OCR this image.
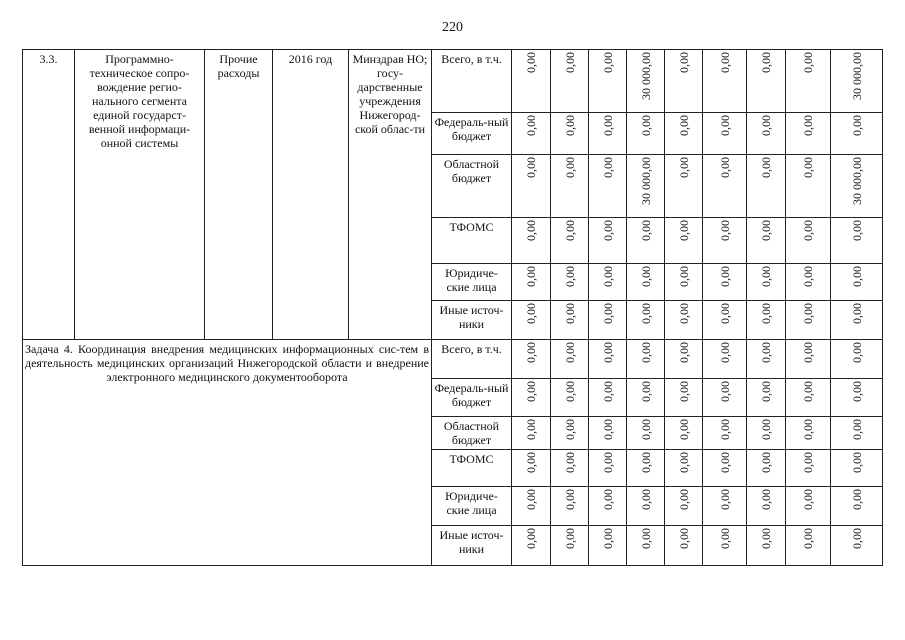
220
3.3.	Программно-техническое сопро-вождение регио-нального сегмента единой государст-венной информаци-онной системы	Прочие расходы	2016 год	Минздрав НО; госу-дарственные учреждения Нижегород-ской облас-ти	Всего, в т.ч.	0,00	0,00	0,00	30 000,00	0,00	0,00	0,00	0,00	30 000,00
					Федераль-ный бюджет	0,00	0,00	0,00	0,00	0,00	0,00	0,00	0,00	0,00
					Областной бюджет	0,00	0,00	0,00	30 000,00	0,00	0,00	0,00	0,00	30 000,00
					ТФОМС	0,00	0,00	0,00	0,00	0,00	0,00	0,00	0,00	0,00
					Юридиче-ские лица	0,00	0,00	0,00	0,00	0,00	0,00	0,00	0,00	0,00
					Иные источ-ники	0,00	0,00	0,00	0,00	0,00	0,00	0,00	0,00	0,00

Задача 4. Координация внедрения медицинских информационных сис-тем в деятельность медицинских организаций Нижегородской области и внедрение электронного медицинского документооборота					Всего, в т.ч.	0,00	0,00	0,00	0,00	0,00	0,00	0,00	0,00	0,00
					Федераль-ный бюджет	0,00	0,00	0,00	0,00	0,00	0,00	0,00	0,00	0,00
					Областной бюджет	0,00	0,00	0,00	0,00	0,00	0,00	0,00	0,00	0,00
					ТФОМС	0,00	0,00	0,00	0,00	0,00	0,00	0,00	0,00	0,00
					Юридиче-ские лица	0,00	0,00	0,00	0,00	0,00	0,00	0,00	0,00	0,00
					Иные источ-ники	0,00	0,00	0,00	0,00	0,00	0,00	0,00	0,00	0,00
